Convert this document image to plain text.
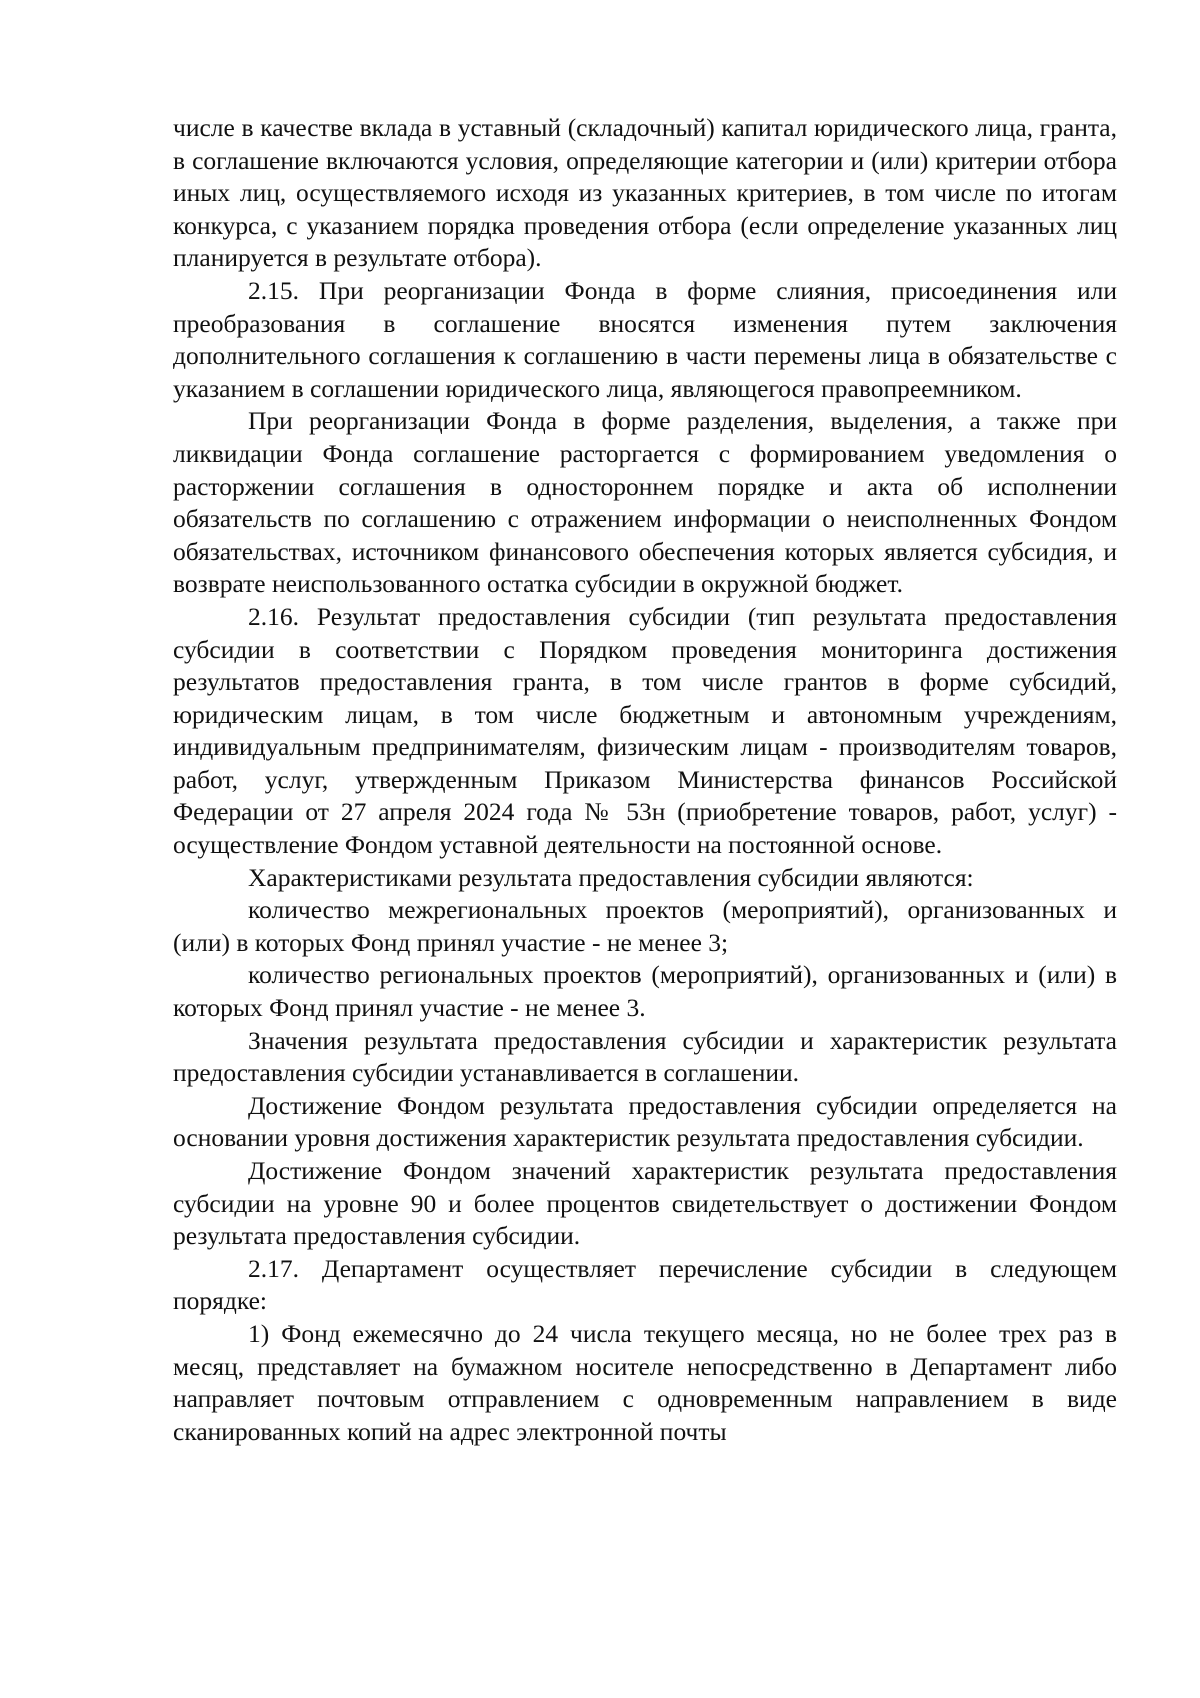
числе в качестве вклада в уставный (складочный) капитал юридического лица, гранта, в соглашение включаются условия, определяющие категории и (или) критерии отбора иных лиц, осуществляемого исходя из указанных критериев, в том числе по итогам конкурса, с указанием порядка проведения отбора (если определение указанных лиц планируется в результате отбора).

2.15. При реорганизации Фонда в форме слияния, присоединения или преобразования в соглашение вносятся изменения путем заключения дополнительного соглашения к соглашению в части перемены лица в обязательстве с указанием в соглашении юридического лица, являющегося правопреемником.

При реорганизации Фонда в форме разделения, выделения, а также при ликвидации Фонда соглашение расторгается с формированием уведомления о расторжении соглашения в одностороннем порядке и акта об исполнении обязательств по соглашению с отражением информации о неисполненных Фондом обязательствах, источником финансового обеспечения которых является субсидия, и возврате неиспользованного остатка субсидии в окружной бюджет.

2.16. Результат предоставления субсидии (тип результата предоставления субсидии в соответствии с Порядком проведения мониторинга достижения результатов предоставления гранта, в том числе грантов в форме субсидий, юридическим лицам, в том числе бюджетным и автономным учреждениям, индивидуальным предпринимателям, физическим лицам - производителям товаров, работ, услуг, утвержденным Приказом Министерства финансов Российской Федерации от 27 апреля 2024 года № 53н (приобретение товаров, работ, услуг) - осуществление Фондом уставной деятельности на постоянной основе.

Характеристиками результата предоставления субсидии являются:

количество межрегиональных проектов (мероприятий), организованных и (или) в которых Фонд принял участие - не менее 3;

количество региональных проектов (мероприятий), организованных и (или) в которых Фонд принял участие - не менее 3.

Значения результата предоставления субсидии и характеристик результата предоставления субсидии устанавливается в соглашении.

Достижение Фондом результата предоставления субсидии определяется на основании уровня достижения характеристик результата предоставления субсидии.

Достижение Фондом значений характеристик результата предоставления субсидии на уровне 90 и более процентов свидетельствует о достижении Фондом результата предоставления субсидии.

2.17. Департамент осуществляет перечисление субсидии в следующем порядке:

1) Фонд ежемесячно до 24 числа текущего месяца, но не более трех раз в месяц, представляет на бумажном носителе непосредственно в Департамент либо направляет почтовым отправлением с одновременным направлением в виде сканированных копий на адрес электронной почты
